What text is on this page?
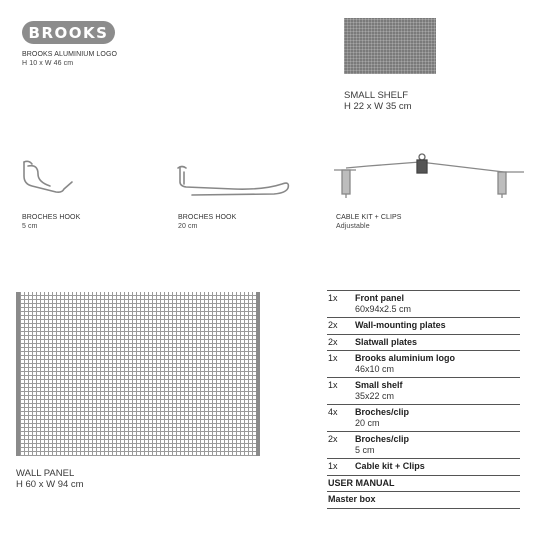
BROOKS
BROOKS ALUMINIUM LOGO
H 10 x W 46 cm
SMALL SHELF
H 22 x W 35 cm
BROCHES HOOK
5 cm
BROCHES HOOK
20 cm
CABLE KIT + CLIPS
Adjustable
WALL PANEL
H 60 x W 94 cm
1x	Front panel
60x94x2.5 cm
2x	Wall-mounting plates
2x	Slatwall plates
1x	Brooks aluminium logo
46x10 cm
1x	Small shelf
35x22 cm
4x	Broches/clip
20 cm
2x	Broches/clip
5 cm
1x	Cable kit + Clips
USER MANUAL
Master box
